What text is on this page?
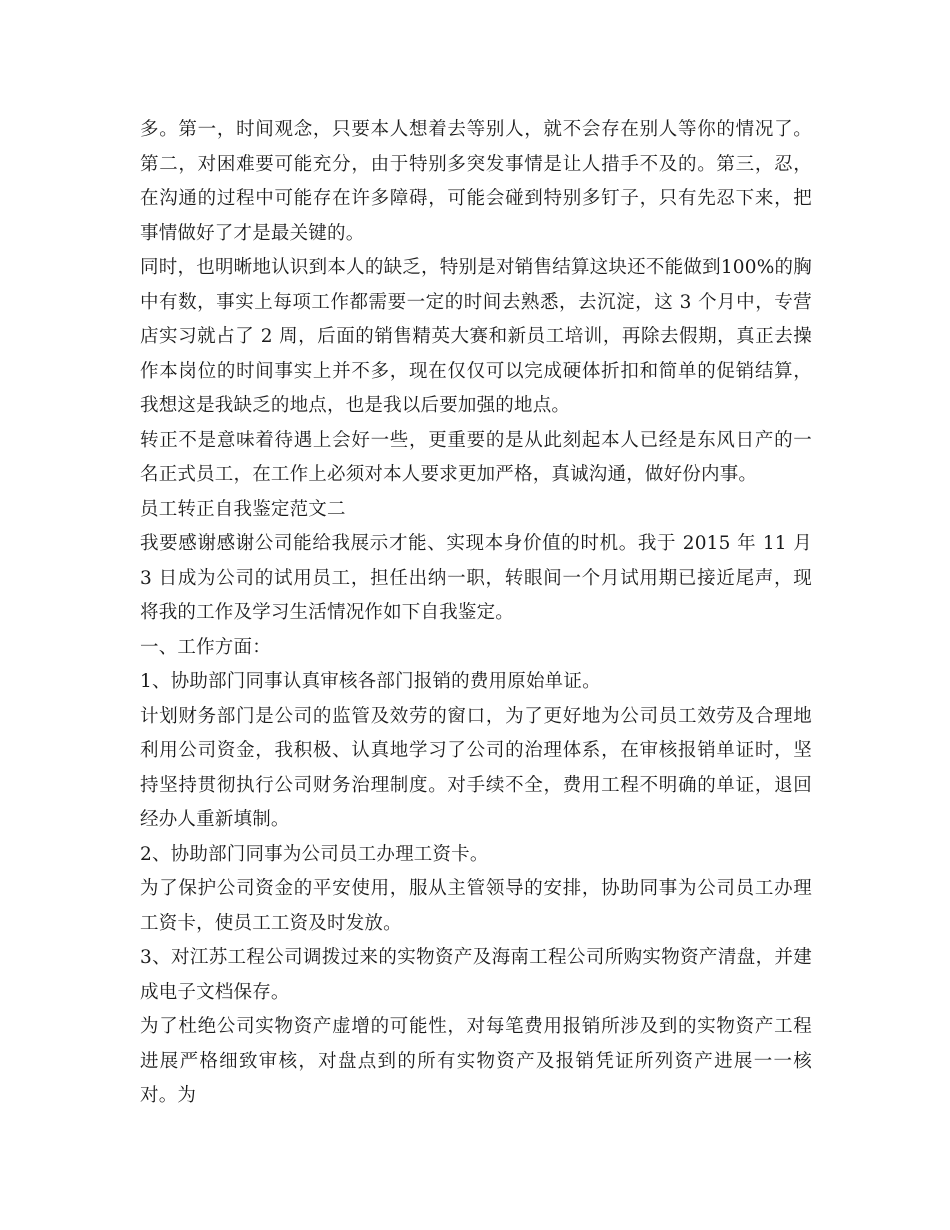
多。第一，时间观念，只要本人想着去等别人，就不会存在别人等你的情况了。第二，对困难要可能充分，由于特别多突发事情是让人措手不及的。第三，忍，在沟通的过程中可能存在许多障碍，可能会碰到特别多钉子，只有先忍下来，把事情做好了才是最关键的。

同时，也明晰地认识到本人的缺乏，特别是对销售结算这块还不能做到100%的胸中有数，事实上每项工作都需要一定的时间去熟悉，去沉淀，这 3 个月中，专营店实习就占了 2 周，后面的销售精英大赛和新员工培训，再除去假期，真正去操作本岗位的时间事实上并不多，现在仅仅可以完成硬体折扣和简单的促销结算，我想这是我缺乏的地点，也是我以后要加强的地点。

转正不是意味着待遇上会好一些，更重要的是从此刻起本人已经是东风日产的一名正式员工，在工作上必须对本人要求更加严格，真诚沟通，做好份内事。

员工转正自我鉴定范文二

我要感谢感谢公司能给我展示才能、实现本身价值的时机。我于 2015 年 11 月 3 日成为公司的试用员工，担任出纳一职，转眼间一个月试用期已接近尾声，现将我的工作及学习生活情况作如下自我鉴定。

一、工作方面：

1、协助部门同事认真审核各部门报销的费用原始单证。

计划财务部门是公司的监管及效劳的窗口，为了更好地为公司员工效劳及合理地利用公司资金，我积极、认真地学习了公司的治理体系，在审核报销单证时，坚持坚持贯彻执行公司财务治理制度。对手续不全，费用工程不明确的单证，退回经办人重新填制。

2、协助部门同事为公司员工办理工资卡。

为了保护公司资金的平安使用，服从主管领导的安排，协助同事为公司员工办理工资卡，使员工工资及时发放。

3、对江苏工程公司调拨过来的实物资产及海南工程公司所购实物资产清盘，并建成电子文档保存。

为了杜绝公司实物资产虚增的可能性，对每笔费用报销所涉及到的实物资产工程进展严格细致审核，对盘点到的所有实物资产及报销凭证所列资产进展一一核对。为
